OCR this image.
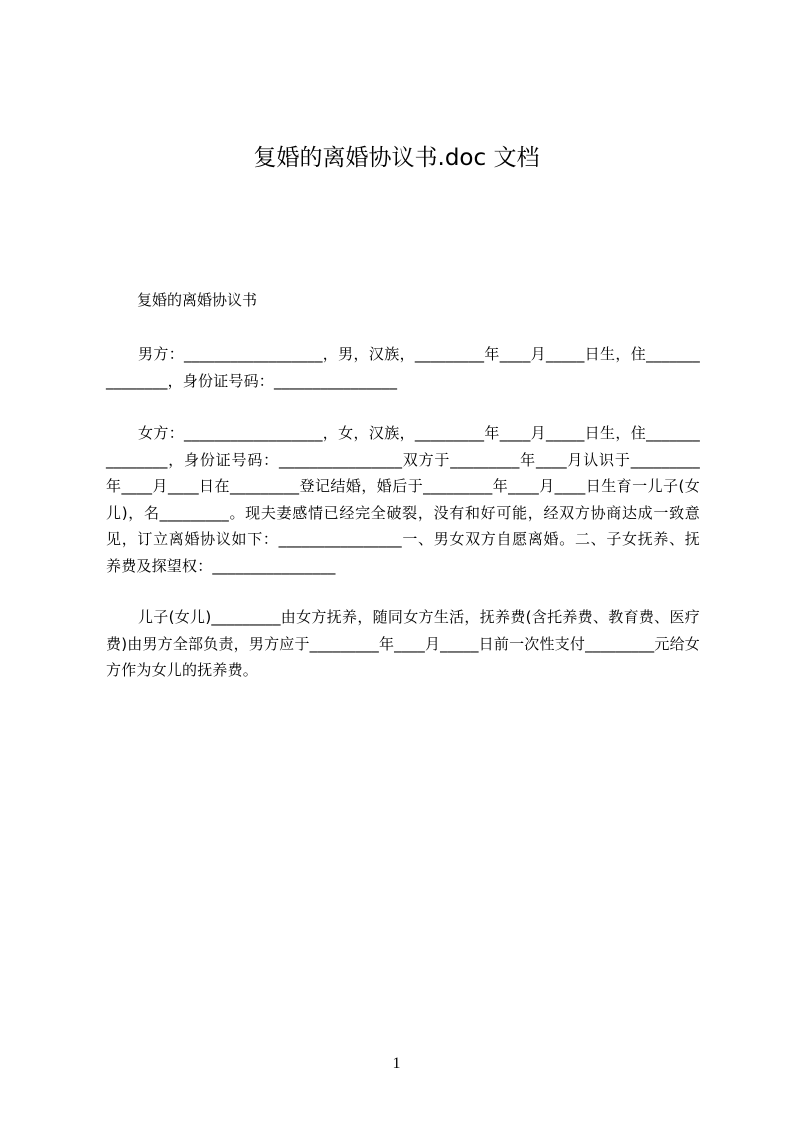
复婚的离婚协议书.doc 文档
复婚的离婚协议书
男方：__________________，男，汉族，_________年____月_____日生，住_______________，身份证号码：________________
女方：__________________，女，汉族，_________年____月_____日生，住_______________，身份证号码：________________双方于_________年____月认识于_________年____月____日在_________登记结婚，婚后于_________年____月____日生育一儿子(女儿)，名_________。现夫妻感情已经完全破裂，没有和好可能，经双方协商达成一致意见，订立离婚协议如下：________________一、男女双方自愿离婚。二、子女抚养、抚养费及探望权：________________
儿子(女儿)_________由女方抚养，随同女方生活，抚养费(含托养费、教育费、医疗费)由男方全部负责，男方应于_________年____月_____日前一次性支付_________元给女方作为女儿的抚养费。
1
